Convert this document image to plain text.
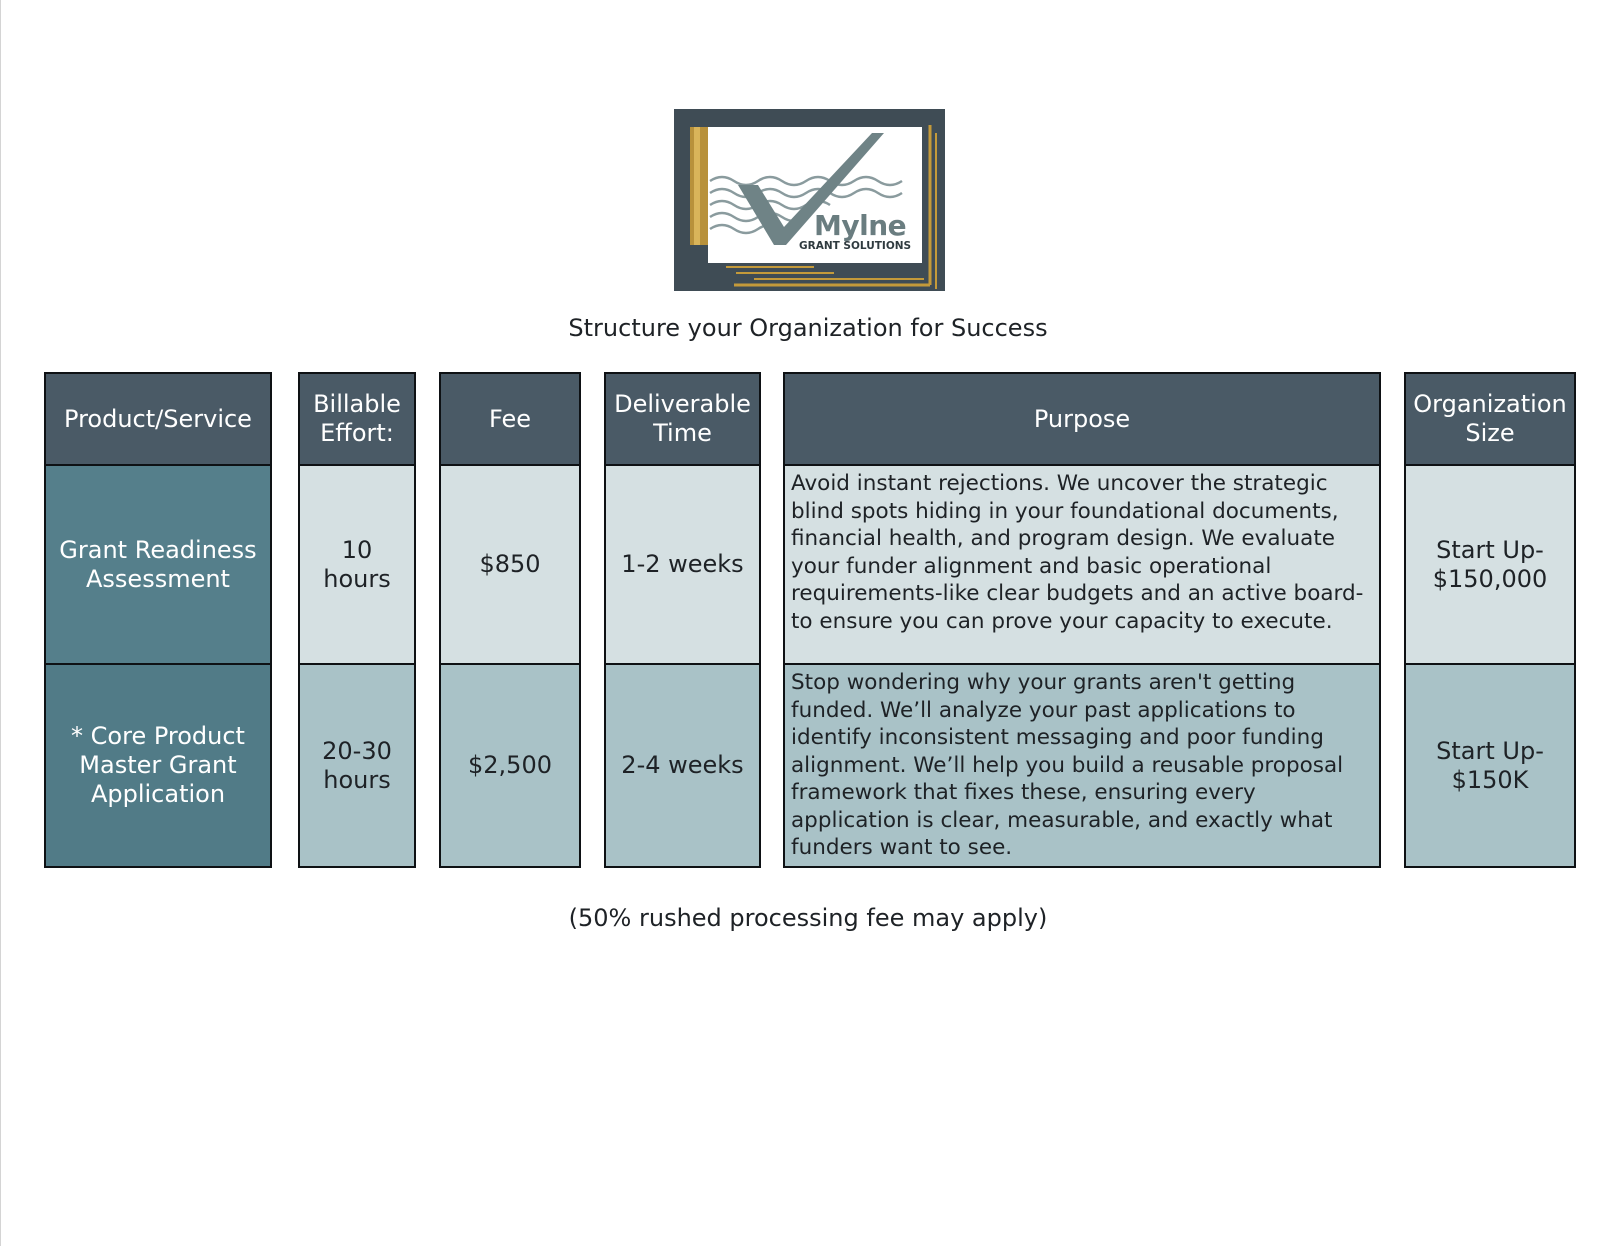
Mylne
GRANT SOLUTIONS
Structure your Organization for Success
Product/Service
Grant Readiness
Assessment
* Core Product
Master Grant
Application
Billable
Effort:
10
hours
20-30
hours
Fee
$850
$2,500
Deliverable
Time
1-2 weeks
2-4 weeks
Purpose
Avoid instant rejections. We uncover the strategic blind spots hiding in your foundational documents, financial health, and program design. We evaluate your funder alignment and basic operational requirements-like clear budgets and an active board-to ensure you can prove your capacity to execute.
Stop wondering why your grants aren't getting funded. We’ll analyze your past applications to identify inconsistent messaging and poor funding alignment. We’ll help you build a reusable proposal framework that fixes these, ensuring every application is clear, measurable, and exactly what funders want to see.
Organization
Size
Start Up-
$150,000
Start Up-
$150K
(50% rushed processing fee may apply)
